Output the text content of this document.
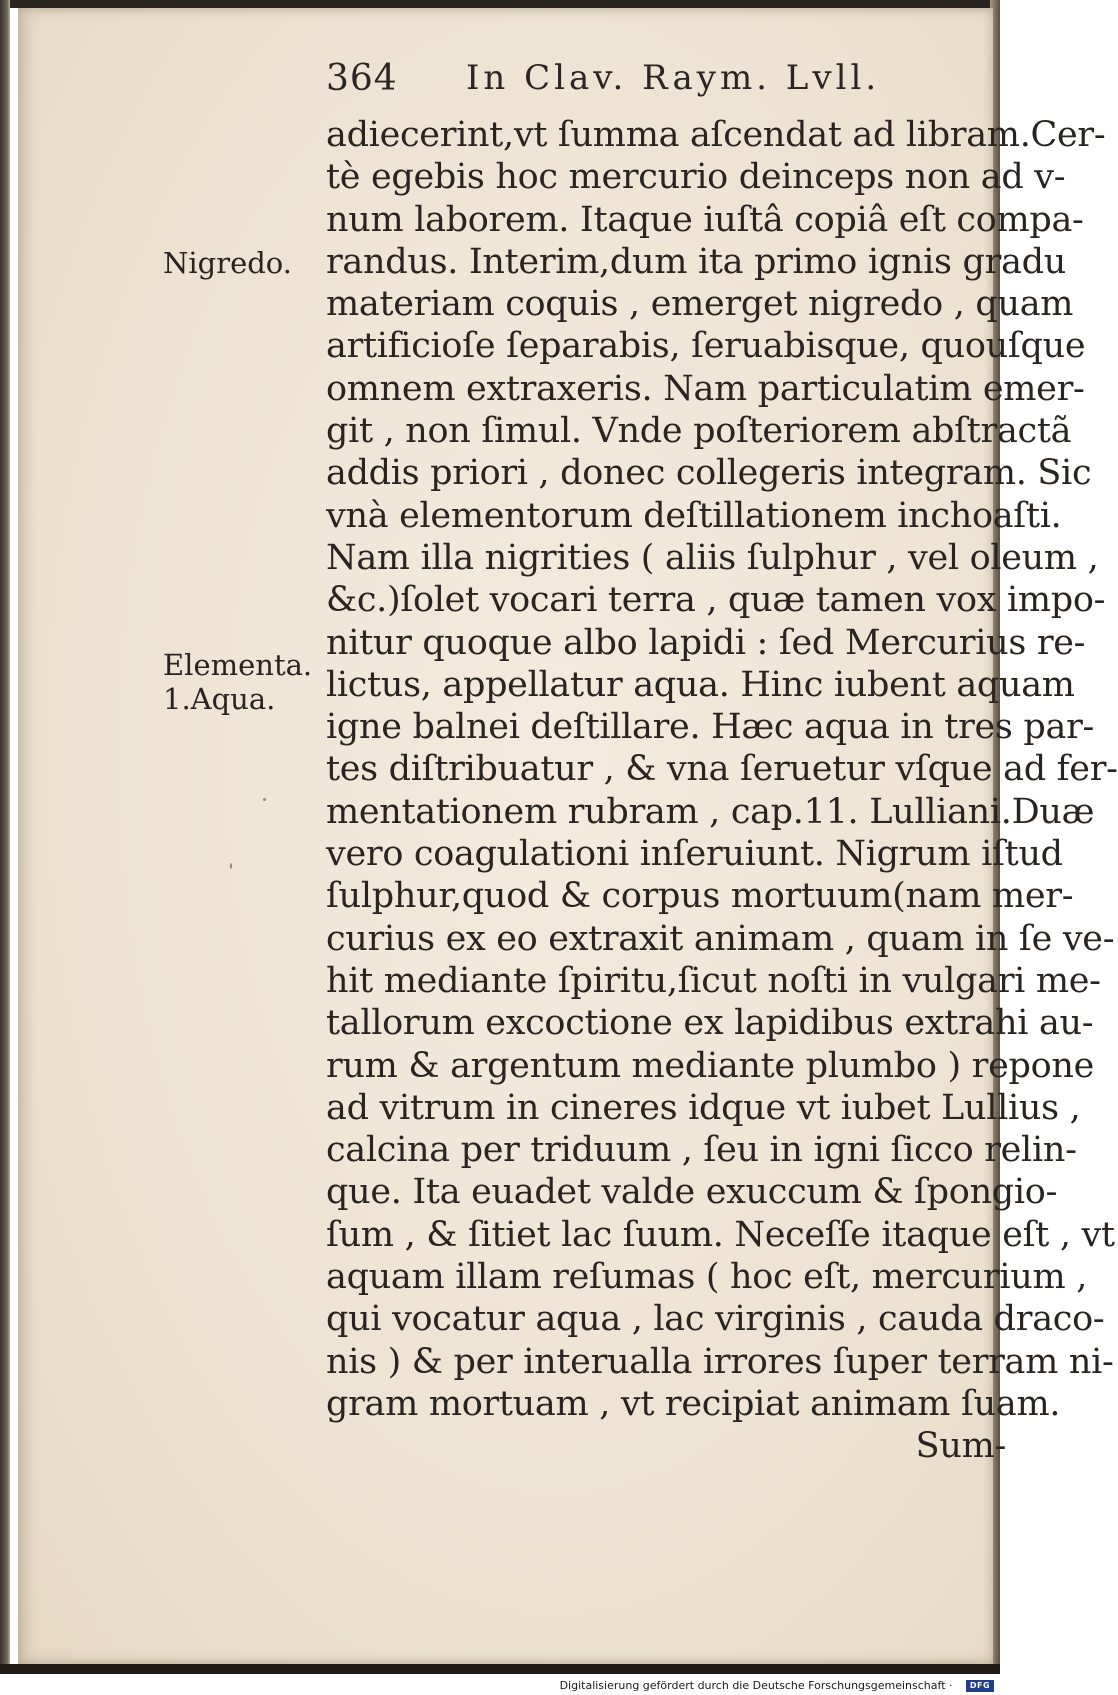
364 In Clav. Raym. Lvll.
Nigredo.
Elementa.
1.Aqua.
adiecerint,vt ſumma aſcendat ad libram.Cer-
tè egebis hoc mercurio deinceps non ad v-
num laborem. Itaque iuſtâ copiâ eſt compa-
randus. Interim,dum ita primo ignis gradu
materiam coquis , emerget nigredo , quam
artificioſe ſeparabis, ſeruabisque, quouſque
omnem extraxeris. Nam particulatim emer-
git , non ſimul. Vnde poſteriorem abſtractã
addis priori , donec collegeris integram. Sic
vnà elementorum deſtillationem inchoaſti.
Nam illa nigrities ( aliis ſulphur , vel oleum ,
&c.)ſolet vocari terra , quæ tamen vox impo-
nitur quoque albo lapidi : ſed Mercurius re-
lictus, appellatur aqua. Hinc iubent aquam
igne balnei deſtillare. Hæc aqua in tres par-
tes diſtribuatur , & vna ſeruetur vſque ad fer-
mentationem rubram , cap.11. Lulliani.Duæ
vero coagulationi inſeruiunt. Nigrum iſtud
ſulphur,quod & corpus mortuum(nam mer-
curius ex eo extraxit animam , quam in ſe ve-
hit mediante ſpiritu,ſicut noſti in vulgari me-
tallorum excoctione ex lapidibus extrahi au-
rum & argentum mediante plumbo ) repone
ad vitrum in cineres idque vt iubet Lullius ,
calcina per triduum , ſeu in igni ſicco relin-
que. Ita euadet valde exuccum & ſpongio-
ſum , & ſitiet lac ſuum. Neceſſe itaque eſt , vt
aquam illam reſumas ( hoc eſt, mercurium ,
qui vocatur aqua , lac virginis , cauda draco-
nis ) & per interualla irrores ſuper terram ni-
gram mortuam , vt recipiat animam ſuam.
Sum-
Digitalisierung gefördert durch die Deutsche Forschungsgemeinschaft ·	DFG
